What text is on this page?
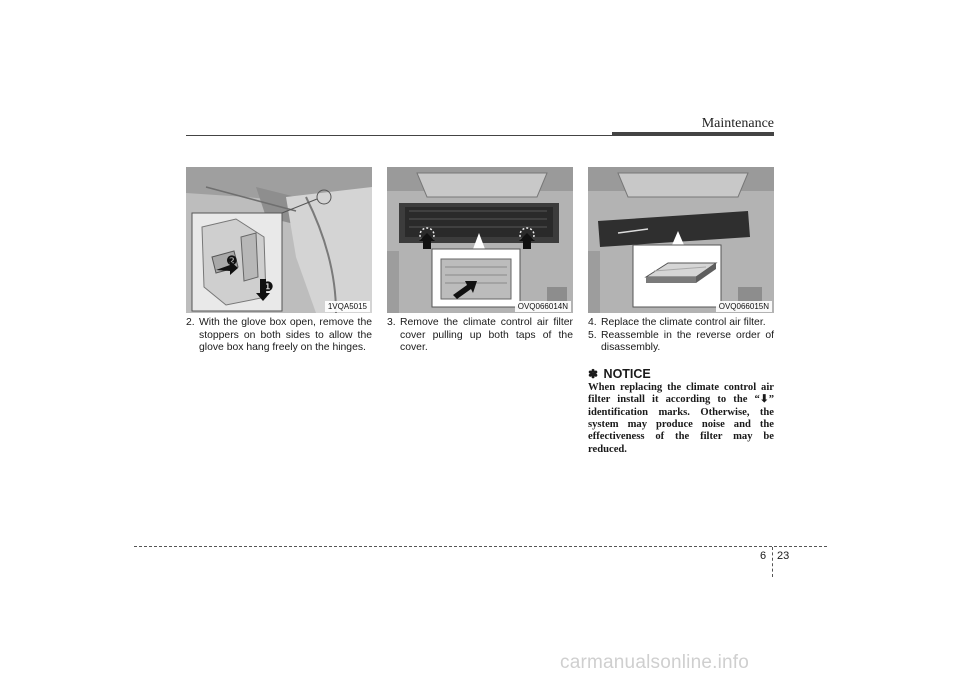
Maintenance
❷
❶
1VQA5015	OVQ066014N	OVQ066015N
2. With the glove box open, remove the stoppers on both sides to allow the glove box hang freely on the hinges.
3. Remove the climate control air filter cover pulling up both taps of the cover.
4. Replace the climate control air filter.
5. Reassemble in the reverse order of disassembly.
✽ NOTICE
When replacing the climate control air filter install it according to the “⬇” identification marks. Otherwise, the system may produce noise and the effectiveness of the filter may be reduced.
6 23
carmanualsonline.info
